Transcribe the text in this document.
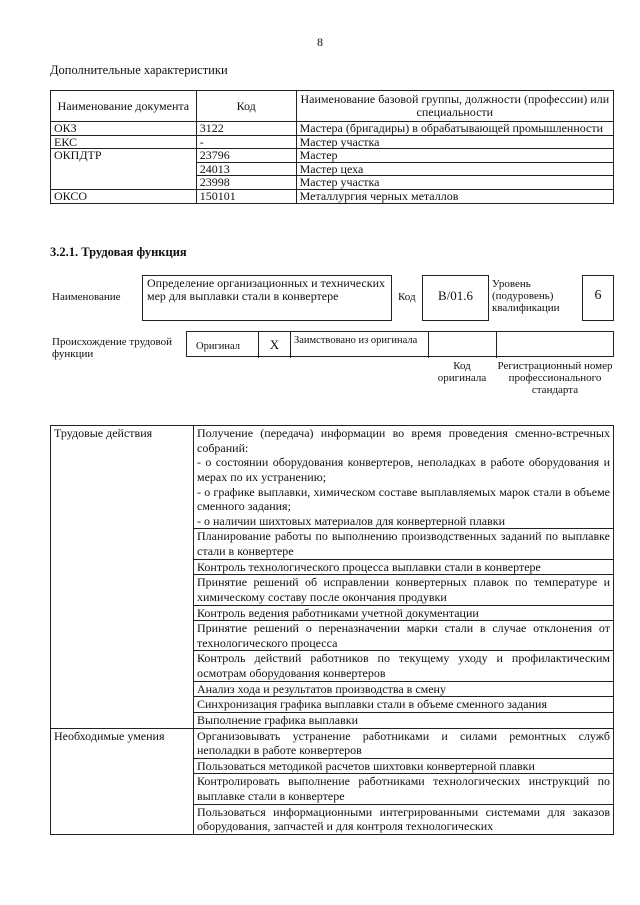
8
Дополнительные характеристики
Наименование документа	Код	Наименование базовой группы, должности (профессии) или специальности
ОКЗ	3122	Мастера (бригадиры) в обрабатывающей промышленности
ЕКС	-	Мастер участка
ОКПДТР	23796	Мастер
	24013	Мастер цеха
	23998	Мастер участка
ОКСО	150101	Металлургия черных металлов
3.2.1. Трудовая функция
Наименование
Определение организационных и технических мер для выплавки стали в конвертере	Код	B/01.6
Уровень (подуровень) квалификации
6
Происхождение трудовой функции
Оригинал	X	Заимствовано из оригинала
Код оригинала
Регистрационный номер профессионального стандарта
Трудовые действия	Получение (передача) информации во время проведения сменно-встречных собраний:
- о состоянии оборудования конвертеров, неполадках в работе оборудования и мерах по их устранению;
- о графике выплавки, химическом составе выплавляемых марок стали в объеме сменного задания;
- о наличии шихтовых материалов для конвертерной плавки

	Планирование работы по выполнению производственных заданий по выплавке стали в конвертере
	Контроль технологического процесса выплавки стали в конвертере
	Принятие решений об исправлении конвертерных плавок по температуре и химическому составу после окончания продувки
	Контроль ведения работниками учетной документации
	Принятие решений о переназначении марки стали в случае отклонения от технологического процесса
	Контроль действий работников по текущему уходу и профилактическим осмотрам оборудования конвертеров
	Анализ хода и результатов производства в смену
	Синхронизация графика выплавки стали в объеме сменного задания
	Выполнение графика выплавки
Необходимые умения	Организовывать устранение работниками и силами ремонтных служб неполадки в работе конвертеров
	Пользоваться методикой расчетов шихтовки конвертерной плавки
	Контролировать выполнение работниками технологических инструкций по выплавке стали в конвертере
	Пользоваться информационными интегрированными системами для заказов оборудования, запчастей и для контроля технологических
